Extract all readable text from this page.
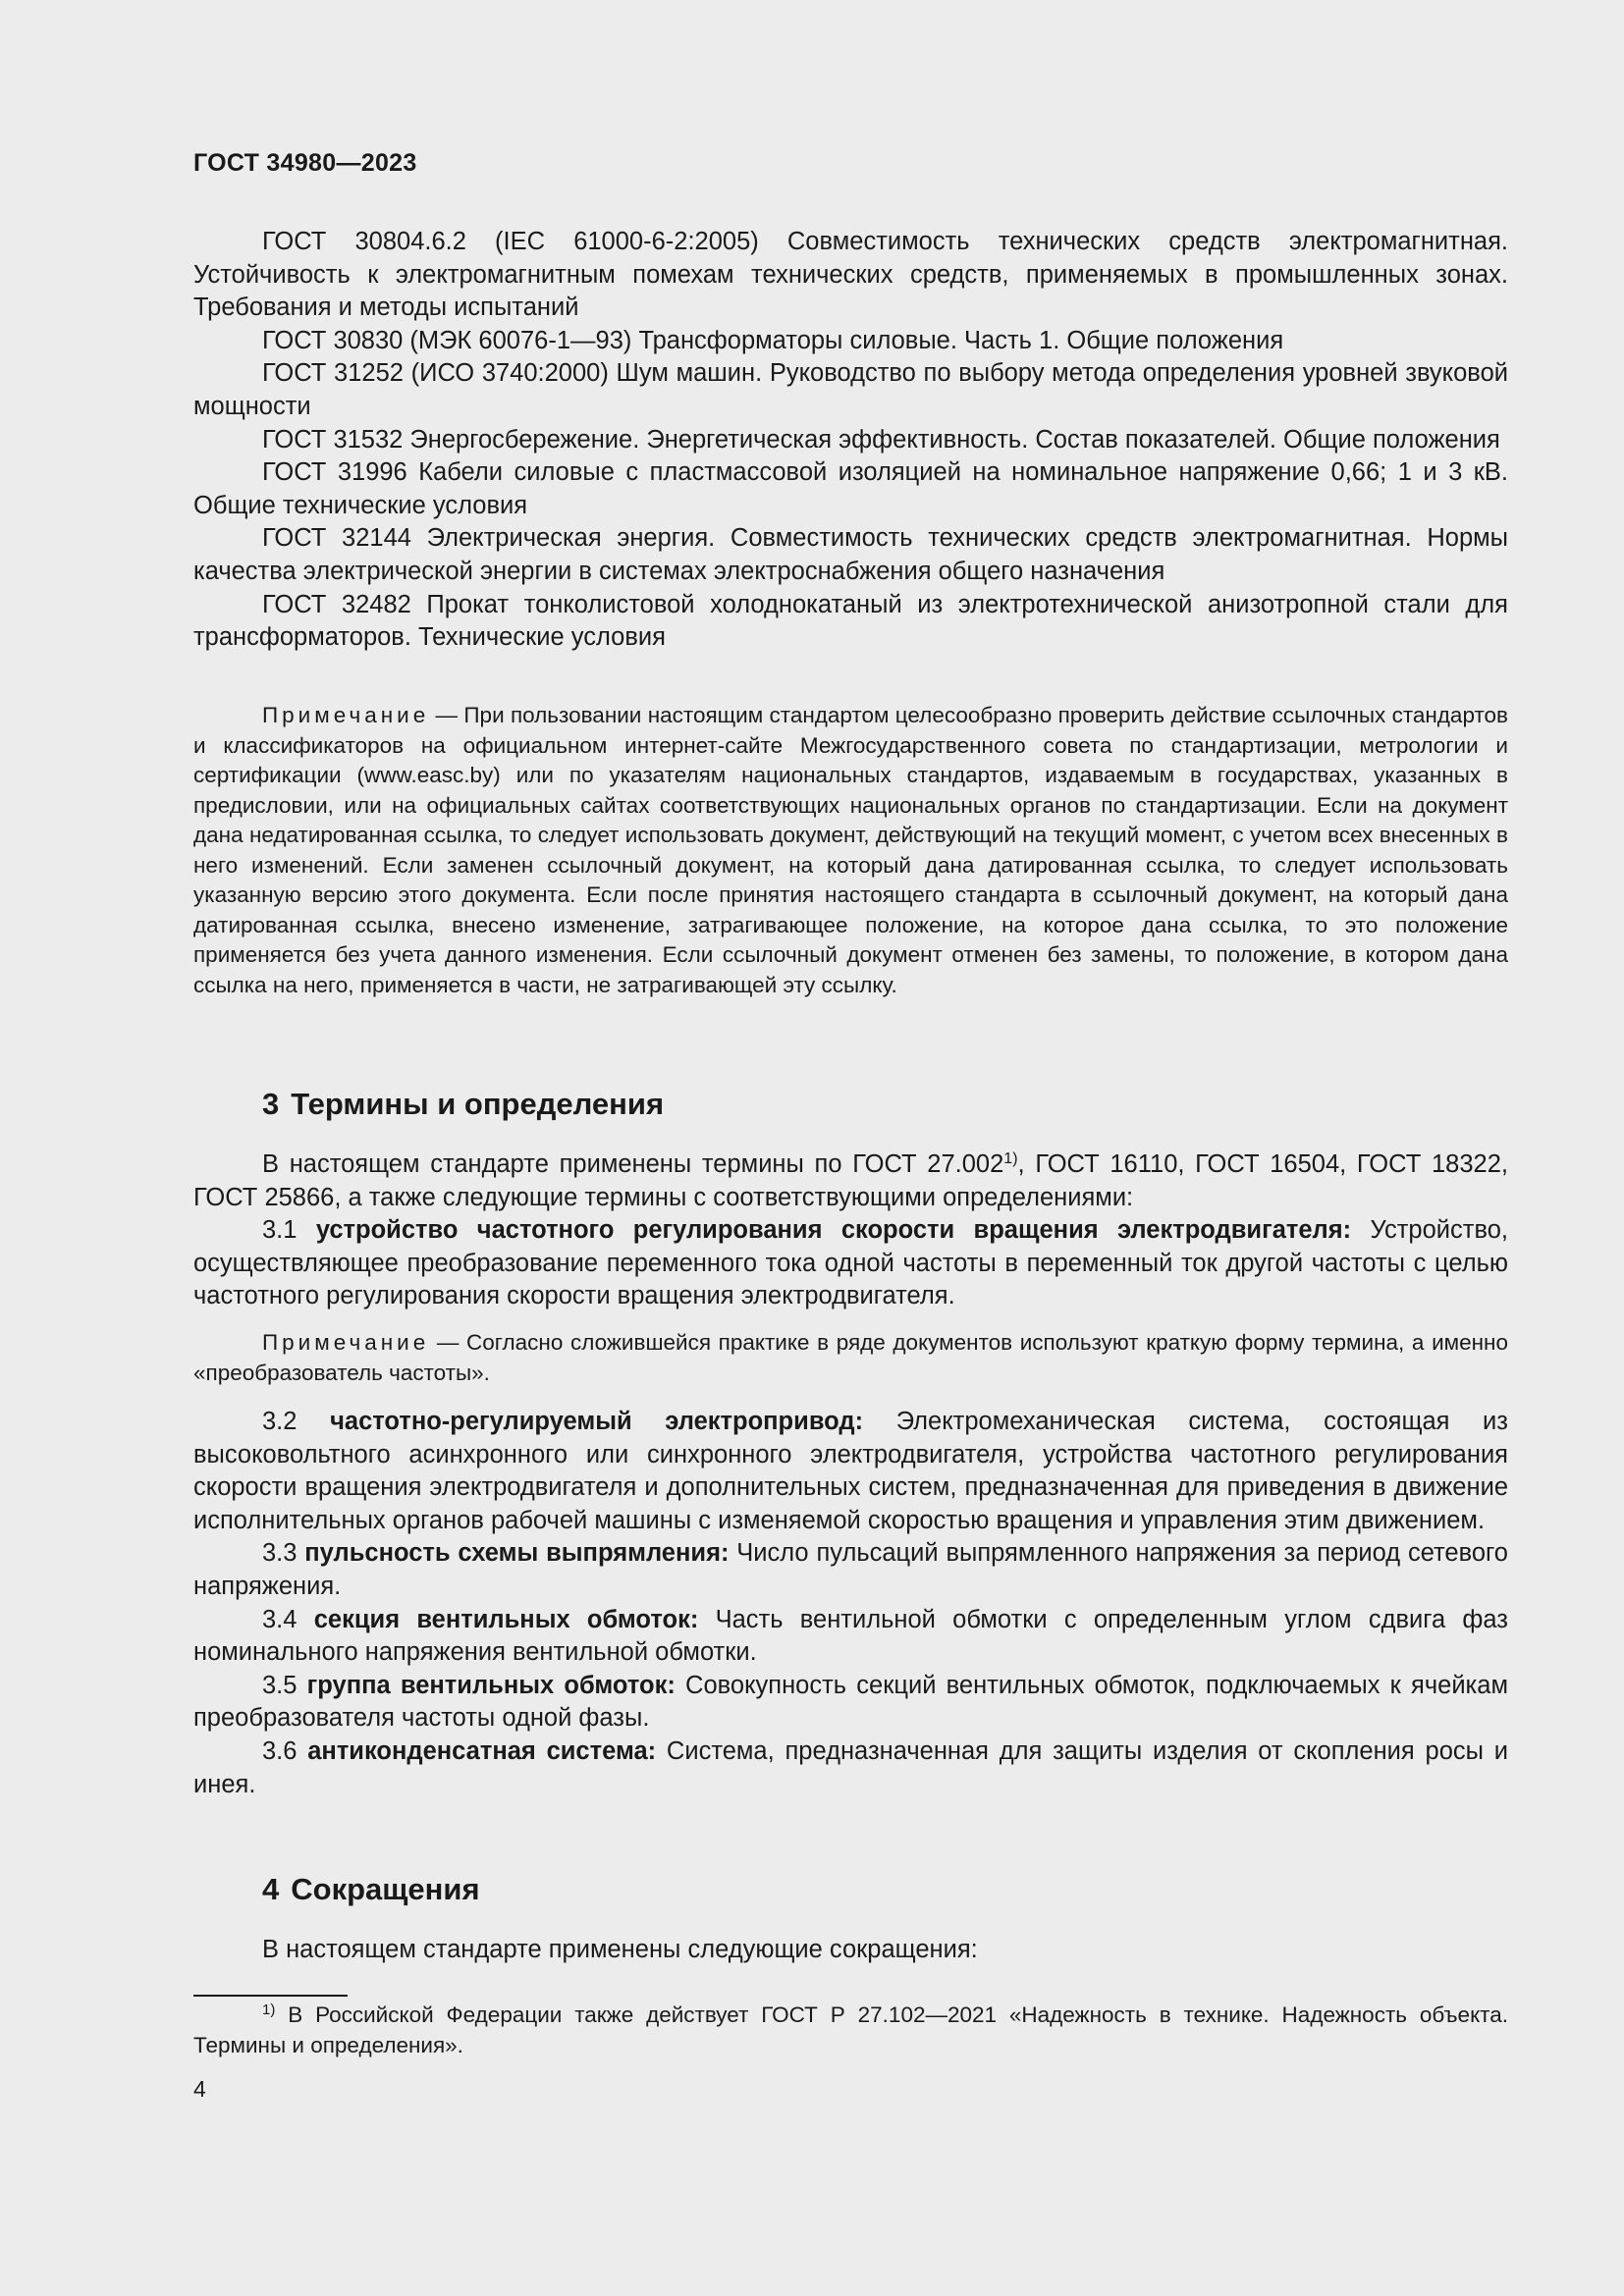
ГОСТ 34980—2023

ГОСТ 30804.6.2 (IEC 61000-6-2:2005) Совместимость технических средств электромагнитная. Устойчивость к электромагнитным помехам технических средств, применяемых в промышленных зонах. Требования и методы испытаний

ГОСТ 30830 (МЭК 60076-1—93) Трансформаторы силовые. Часть 1. Общие положения

ГОСТ 31252 (ИСО 3740:2000) Шум машин. Руководство по выбору метода определения уровней звуковой мощности

ГОСТ 31532 Энергосбережение. Энергетическая эффективность. Состав показателей. Общие положения

ГОСТ 31996 Кабели силовые с пластмассовой изоляцией на номинальное напряжение 0,66; 1 и 3 кВ. Общие технические условия

ГОСТ 32144 Электрическая энергия. Совместимость технических средств электромагнитная. Нормы качества электрической энергии в системах электроснабжения общего назначения

ГОСТ 32482 Прокат тонколистовой холоднокатаный из электротехнической анизотропной стали для трансформаторов. Технические условия

Примечание — При пользовании настоящим стандартом целесообразно проверить действие ссылочных стандартов и классификаторов на официальном интернет-сайте Межгосударственного совета по стандартизации, метрологии и сертификации (www.easc.by) или по указателям национальных стандартов, издаваемым в государствах, указанных в предисловии, или на официальных сайтах соответствующих национальных органов по стандартизации. Если на документ дана недатированная ссылка, то следует использовать документ, действующий на текущий момент, с учетом всех внесенных в него изменений. Если заменен ссылочный документ, на который дана датированная ссылка, то следует использовать указанную версию этого документа. Если после принятия настоящего стандарта в ссылочный документ, на который дана датированная ссылка, внесено изменение, затрагивающее положение, на которое дана ссылка, то это положение применяется без учета данного изменения. Если ссылочный документ отменен без замены, то положение, в котором дана ссылка на него, применяется в части, не затрагивающей эту ссылку.

3 Термины и определения

В настоящем стандарте применены термины по ГОСТ 27.002$^{1)}$, ГОСТ 16110, ГОСТ 16504, ГОСТ 18322, ГОСТ 25866, а также следующие термины с соответствующими определениями:

3.1 устройство частотного регулирования скорости вращения электродвигателя: Устройство, осуществляющее преобразование переменного тока одной частоты в переменный ток другой частоты с целью частотного регулирования скорости вращения электродвигателя.

Примечание — Согласно сложившейся практике в ряде документов используют краткую форму термина, а именно «преобразователь частоты».

3.2 частотно-регулируемый электропривод: Электромеханическая система, состоящая из высоковольтного асинхронного или синхронного электродвигателя, устройства частотного регулирования скорости вращения электродвигателя и дополнительных систем, предназначенная для приведения в движение исполнительных органов рабочей машины с изменяемой скоростью вращения и управления этим движением.

3.3 пульсность схемы выпрямления: Число пульсаций выпрямленного напряжения за период сетевого напряжения.

3.4 секция вентильных обмоток: Часть вентильной обмотки с определенным углом сдвига фаз номинального напряжения вентильной обмотки.

3.5 группа вентильных обмоток: Совокупность секций вентильных обмоток, подключаемых к ячейкам преобразователя частоты одной фазы.

3.6 антиконденсатная система: Система, предназначенная для защиты изделия от скопления росы и инея.

4 Сокращения

В настоящем стандарте применены следующие сокращения:

$^{1)}$ В Российской Федерации также действует ГОСТ Р 27.102—2021 «Надежность в технике. Надежность объекта. Термины и определения».

4
